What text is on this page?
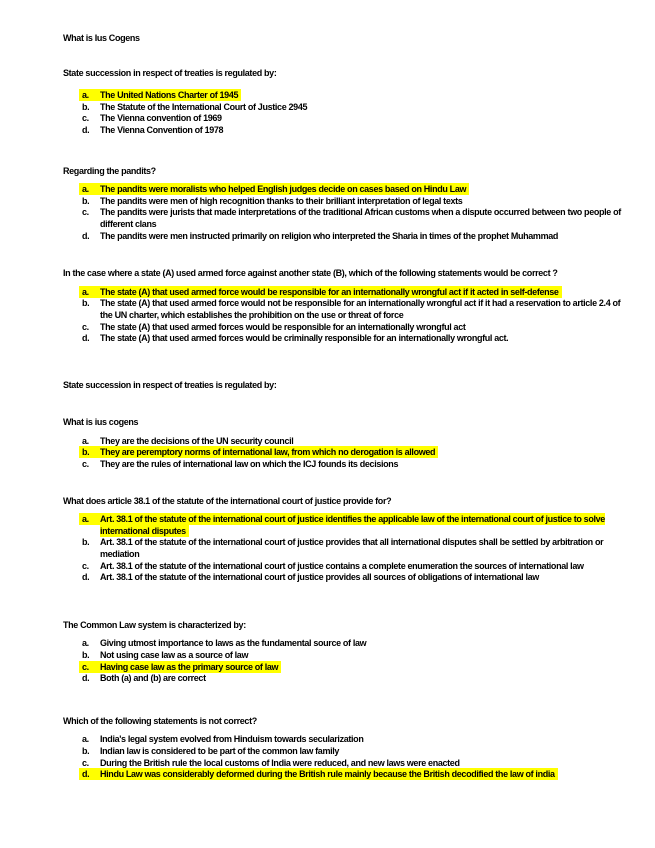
What is Ius Cogens
State succession in respect of treaties is regulated by:
a. The United Nations Charter of 1945
b. The Statute of the International Court of Justice 2945
c. The Vienna convention of 1969
d. The Vienna Convention of 1978
Regarding the pandits?
a. The pandits were moralists who helped English judges decide on cases based on Hindu Law
b. The pandits were men of high recognition thanks to their brilliant interpretation of legal texts
c. The pandits were jurists that made interpretations of the traditional African customs when a dispute occurred between two people of different clans
d. The pandits were men instructed primarily on religion who interpreted the Sharia in times of the prophet Muhammad
In the case where a state (A) used armed force against another state (B), which of the following statements would be correct ?
a. The state (A) that used armed force would be responsible for an internationally wrongful act if it acted in self-defense
b. The state (A) that used armed force would not be responsible for an internationally wrongful act if it had a reservation to article 2.4 of the UN charter, which establishes the prohibition on the use or threat of force
c. The state (A) that used armed forces would be responsible for an internationally wrongful act
d. The state (A) that used armed forces would be criminally responsible for an internationally wrongful act.
State succession in respect of treaties is regulated by:
What is ius cogens
a. They are the decisions of the UN security council
b. They are peremptory norms of international law, from which no derogation is allowed
c. They are the rules of international law on which the ICJ founds its decisions
What does article 38.1 of the statute of the international court of justice provide for?
a. Art. 38.1 of the statute of the international court of justice identifies the applicable law of the international court of justice to solve international disputes
b. Art. 38.1 of the statute of the international court of justice provides that all international disputes shall be settled by arbitration or mediation
c. Art. 38.1 of the statute of the international court of justice contains a complete enumeration the sources of international law
d. Art. 38.1 of the statute of the international court of justice provides all sources of obligations of international law
The Common Law system is characterized by:
a. Giving utmost importance to laws as the fundamental source of law
b. Not using case law as a source of law
c. Having case law as the primary source of law
d. Both (a) and (b) are correct
Which of the following statements is not correct?
a. India's legal system evolved from Hinduism towards secularization
b. Indian law is considered to be part of the common law family
c. During the British rule the local customs of India were reduced, and new laws were enacted
d. Hindu Law was considerably deformed during the British rule mainly because the British decodified the law of india
